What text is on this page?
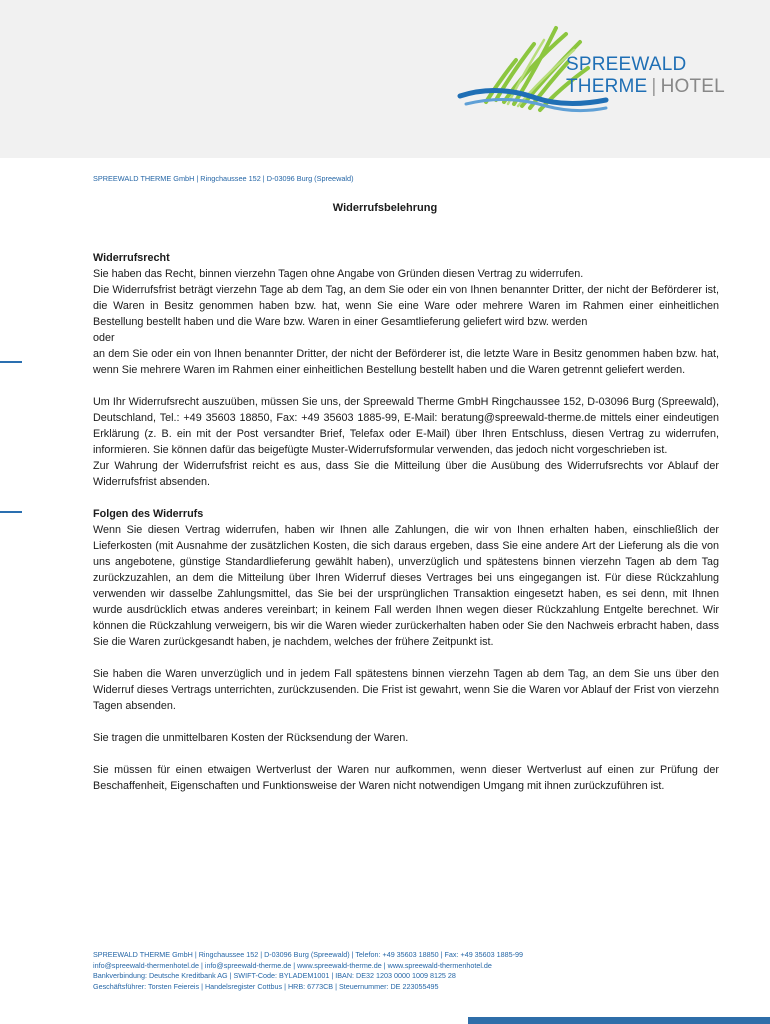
SPREEWALD
THERME | HOTEL
SPREEWALD THERME GmbH | Ringchaussee 152 | D-03096 Burg (Spreewald)
Widerrufsbelehrung

Widerrufsrecht

Sie haben das Recht, binnen vierzehn Tagen ohne Angabe von Gründen diesen Vertrag zu widerrufen.

Die Widerrufsfrist beträgt vierzehn Tage ab dem Tag, an dem Sie oder ein von Ihnen benannter Dritter, der nicht der Beförderer ist, die Waren in Besitz genommen haben bzw. hat, wenn Sie eine Ware oder mehrere Waren im Rahmen einer einheitlichen Bestellung bestellt haben und die Ware bzw. Waren in einer Gesamtlieferung geliefert wird bzw. werden

oder

an dem Sie oder ein von Ihnen benannter Dritter, der nicht der Beförderer ist, die letzte Ware in Besitz genommen haben bzw. hat, wenn Sie mehrere Waren im Rahmen einer einheitlichen Bestellung bestellt haben und die Waren getrennt geliefert werden.

Um Ihr Widerrufsrecht auszuüben, müssen Sie uns, der Spreewald Therme GmbH Ringchaussee 152, D-03096 Burg (Spreewald), Deutschland, Tel.: +49 35603 18850, Fax: +49 35603 1885-99, E-Mail: beratung@spreewald-therme.de mittels einer eindeutigen Erklärung (z. B. ein mit der Post versandter Brief, Telefax oder E-Mail) über Ihren Entschluss, diesen Vertrag zu widerrufen, informieren. Sie können dafür das beigefügte Muster-Widerrufsformular verwenden, das jedoch nicht vorgeschrieben ist.

Zur Wahrung der Widerrufsfrist reicht es aus, dass Sie die Mitteilung über die Ausübung des Widerrufsrechts vor Ablauf der Widerrufsfrist absenden.

Folgen des Widerrufs

Wenn Sie diesen Vertrag widerrufen, haben wir Ihnen alle Zahlungen, die wir von Ihnen erhalten haben, einschließlich der Lieferkosten (mit Ausnahme der zusätzlichen Kosten, die sich daraus ergeben, dass Sie eine andere Art der Lieferung als die von uns angebotene, günstige Standardlieferung gewählt haben), unverzüglich und spätestens binnen vierzehn Tagen ab dem Tag zurückzuzahlen, an dem die Mitteilung über Ihren Widerruf dieses Vertrages bei uns eingegangen ist. Für diese Rückzahlung verwenden wir dasselbe Zahlungsmittel, das Sie bei der ursprünglichen Transaktion eingesetzt haben, es sei denn, mit Ihnen wurde ausdrücklich etwas anderes vereinbart; in keinem Fall werden Ihnen wegen dieser Rückzahlung Entgelte berechnet. Wir können die Rückzahlung verweigern, bis wir die Waren wieder zurückerhalten haben oder Sie den Nachweis erbracht haben, dass Sie die Waren zurückgesandt haben, je nachdem, welches der frühere Zeitpunkt ist.

Sie haben die Waren unverzüglich und in jedem Fall spätestens binnen vierzehn Tagen ab dem Tag, an dem Sie uns über den Widerruf dieses Vertrags unterrichten, zurückzusenden. Die Frist ist gewahrt, wenn Sie die Waren vor Ablauf der Frist von vierzehn Tagen absenden.

Sie tragen die unmittelbaren Kosten der Rücksendung der Waren.

Sie müssen für einen etwaigen Wertverlust der Waren nur aufkommen, wenn dieser Wertverlust auf einen zur Prüfung der Beschaffenheit, Eigenschaften und Funktionsweise der Waren nicht notwendigen Umgang mit ihnen zurückzuführen ist.

SPREEWALD THERME GmbH | Ringchaussee 152 | D-03096 Burg (Spreewald) | Telefon: +49 35603 18850 | Fax: +49 35603 1885-99
info@spreewald-thermenhotel.de | info@spreewald-therme.de | www.spreewald-therme.de | www.spreewald-thermenhotel.de
Bankverbindung: Deutsche Kreditbank AG | SWIFT-Code: BYLADEM1001 | IBAN: DE32 1203 0000 1009 8125 28
Geschäftsführer: Torsten Feiereis | Handelsregister Cottbus | HRB: 6773CB | Steuernummer: DE 223055495
